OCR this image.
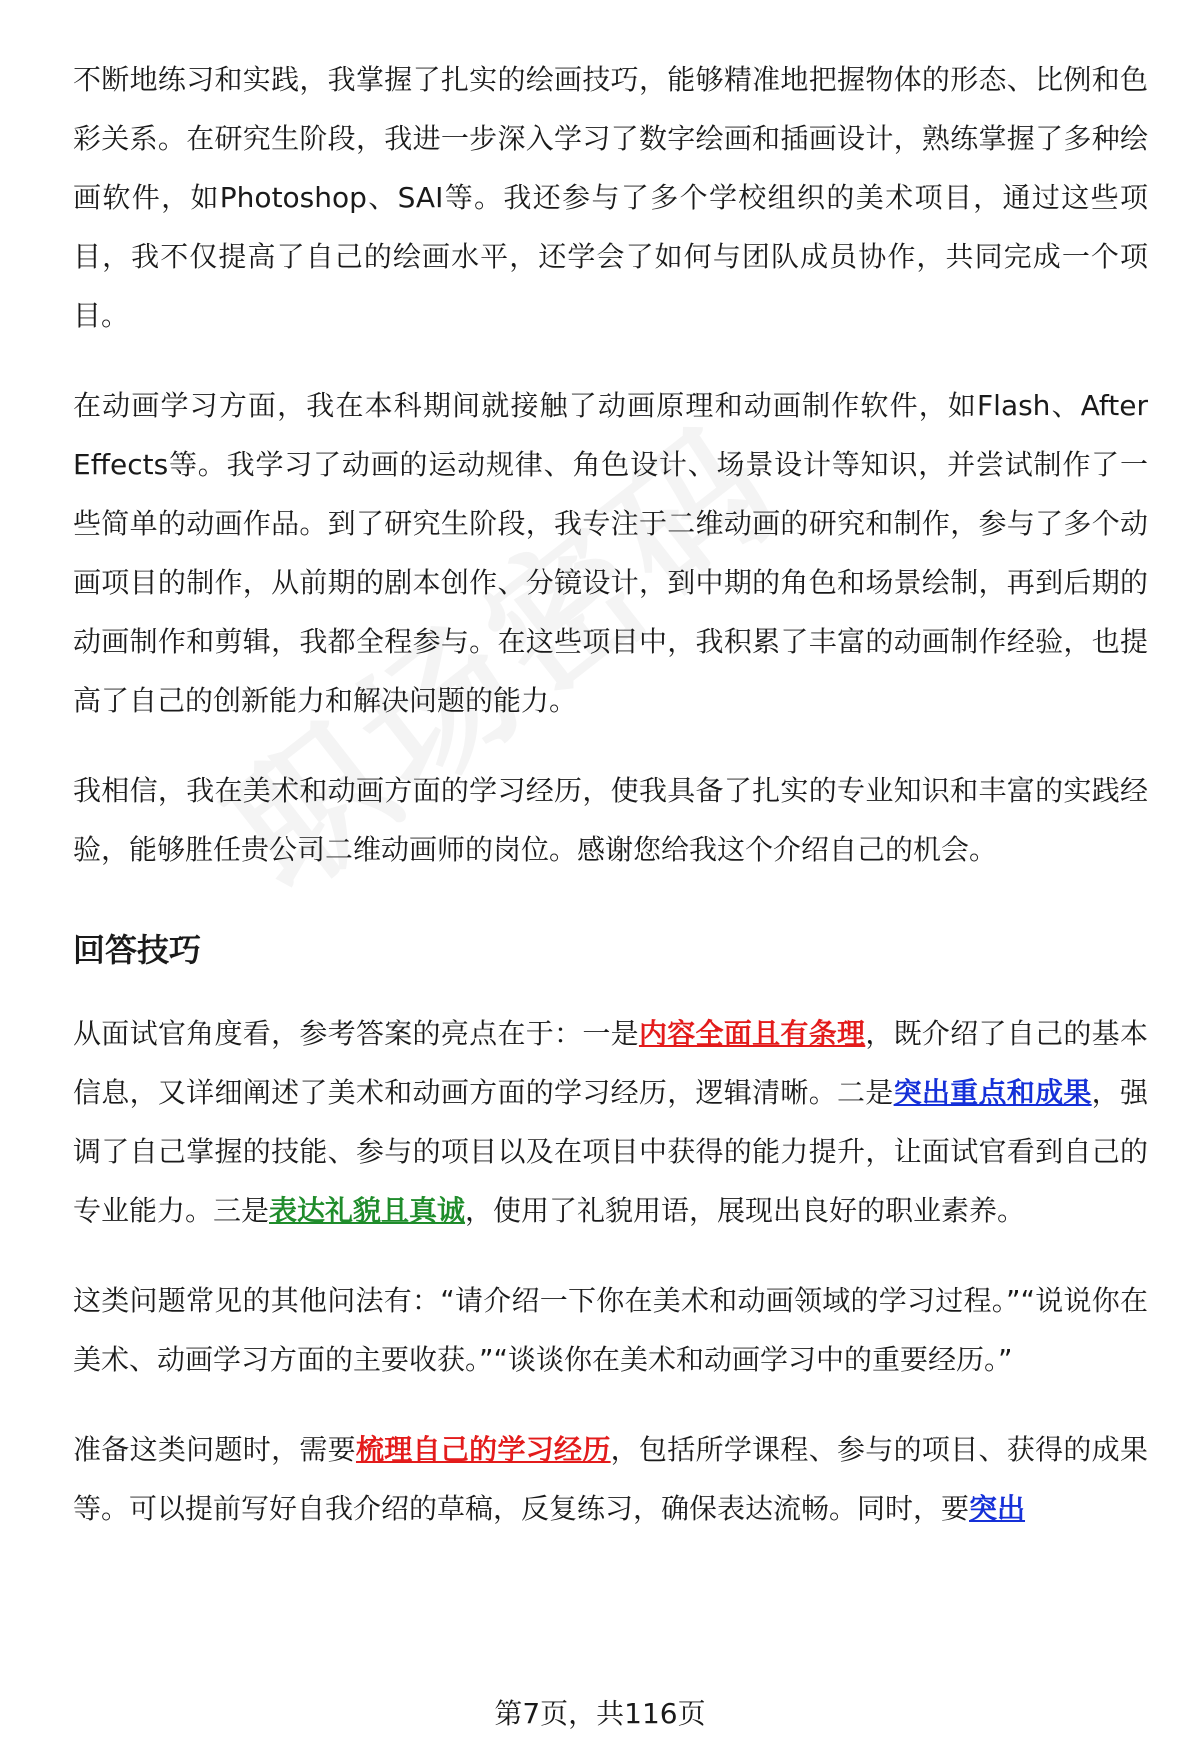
不断地练习和实践，我掌握了扎实的绘画技巧，能够精准地把握物体的形态、比例和色彩关系。在研究生阶段，我进一步深入学习了数字绘画和插画设计，熟练掌握了多种绘画软件，如Photoshop、SAI等。我还参与了多个学校组织的美术项目，通过这些项目，我不仅提高了自己的绘画水平，还学会了如何与团队成员协作，共同完成一个项目。

在动画学习方面，我在本科期间就接触了动画原理和动画制作软件，如Flash、After Effects等。我学习了动画的运动规律、角色设计、场景设计等知识，并尝试制作了一些简单的动画作品。到了研究生阶段，我专注于二维动画的研究和制作，参与了多个动画项目的制作，从前期的剧本创作、分镜设计，到中期的角色和场景绘制，再到后期的动画制作和剪辑，我都全程参与。在这些项目中，我积累了丰富的动画制作经验，也提高了自己的创新能力和解决问题的能力。

我相信，我在美术和动画方面的学习经历，使我具备了扎实的专业知识和丰富的实践经验，能够胜任贵公司二维动画师的岗位。感谢您给我这个介绍自己的机会。

回答技巧

从面试官角度看，参考答案的亮点在于：一是内容全面且有条理，既介绍了自己的基本信息，又详细阐述了美术和动画方面的学习经历，逻辑清晰。二是突出重点和成果，强调了自己掌握的技能、参与的项目以及在项目中获得的能力提升，让面试官看到自己的专业能力。三是表达礼貌且真诚，使用了礼貌用语，展现出良好的职业素养。

这类问题常见的其他问法有：“请介绍一下你在美术和动画领域的学习过程。”“说说你在美术、动画学习方面的主要收获。”“谈谈你在美术和动画学习中的重要经历。”

准备这类问题时，需要梳理自己的学习经历，包括所学课程、参与的项目、获得的成果等。可以提前写好自我介绍的草稿，反复练习，确保表达流畅。同时，要突出

第7页，共116页
